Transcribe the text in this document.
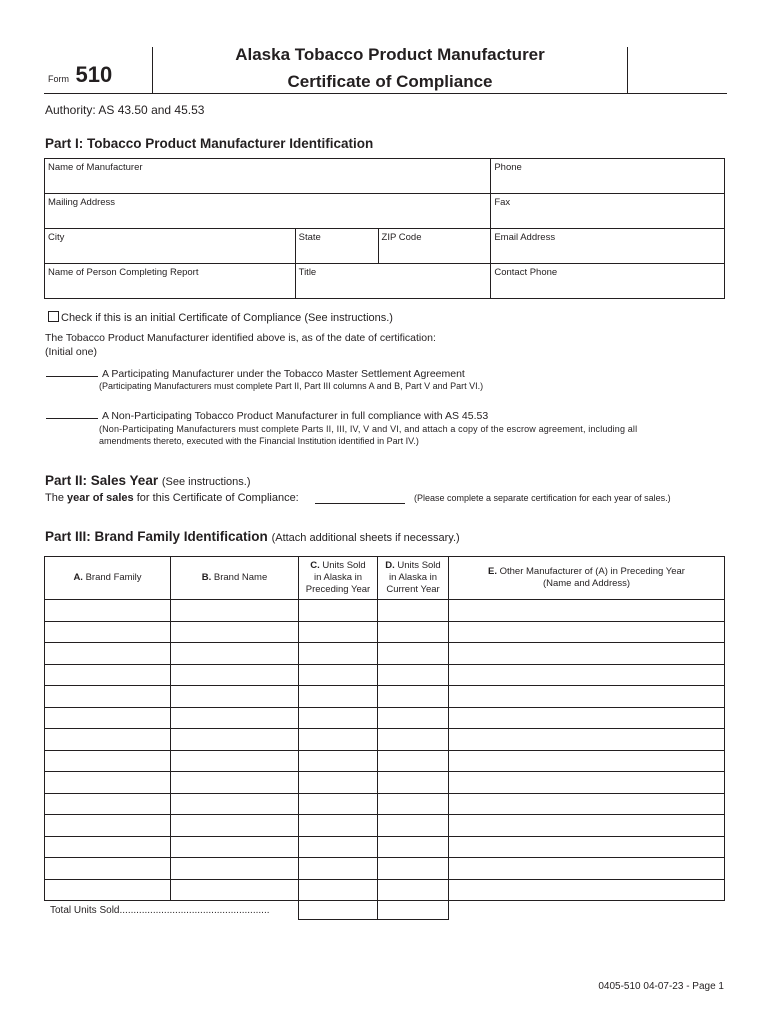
Form 510
Alaska Tobacco Product Manufacturer
Certificate of Compliance
Authority: AS 43.50 and 45.53
Part I: Tobacco Product Manufacturer Identification
Name of Manufacturer			Phone
Mailing Address			Fax
City	State	ZIP Code	Email Address
Name of Person Completing Report	Title		Contact Phone
Check if this is an initial Certificate of Compliance (See instructions.)
The Tobacco Product Manufacturer identified above is, as of the date of certification:
(Initial one)
A Participating Manufacturer under the Tobacco Master Settlement Agreement
(Participating Manufacturers must complete Part II, Part III columns A and B, Part V and Part VI.)
A Non-Participating Tobacco Product Manufacturer in full compliance with AS 45.53
(Non-Participating Manufacturers must complete Parts II, III, IV, V and VI, and attach a copy of the escrow agreement, including all
amendments thereto, executed with the Financial Institution identified in Part IV.)
Part II: Sales Year (See instructions.)
The year of sales for this Certificate of Compliance:	(Please complete a separate certification for each year of sales.)
Part III: Brand Family Identification (Attach additional sheets if necessary.)
A. Brand Family	B. Brand Name	C. Units Sold
in Alaska in
Preceding Year	D. Units Sold
in Alaska in
Current Year	E. Other Manufacturer of (A) in Preceding Year
(Name and Address)

Total Units Sold......................................................
0405-510 04-07-23 - Page 1
